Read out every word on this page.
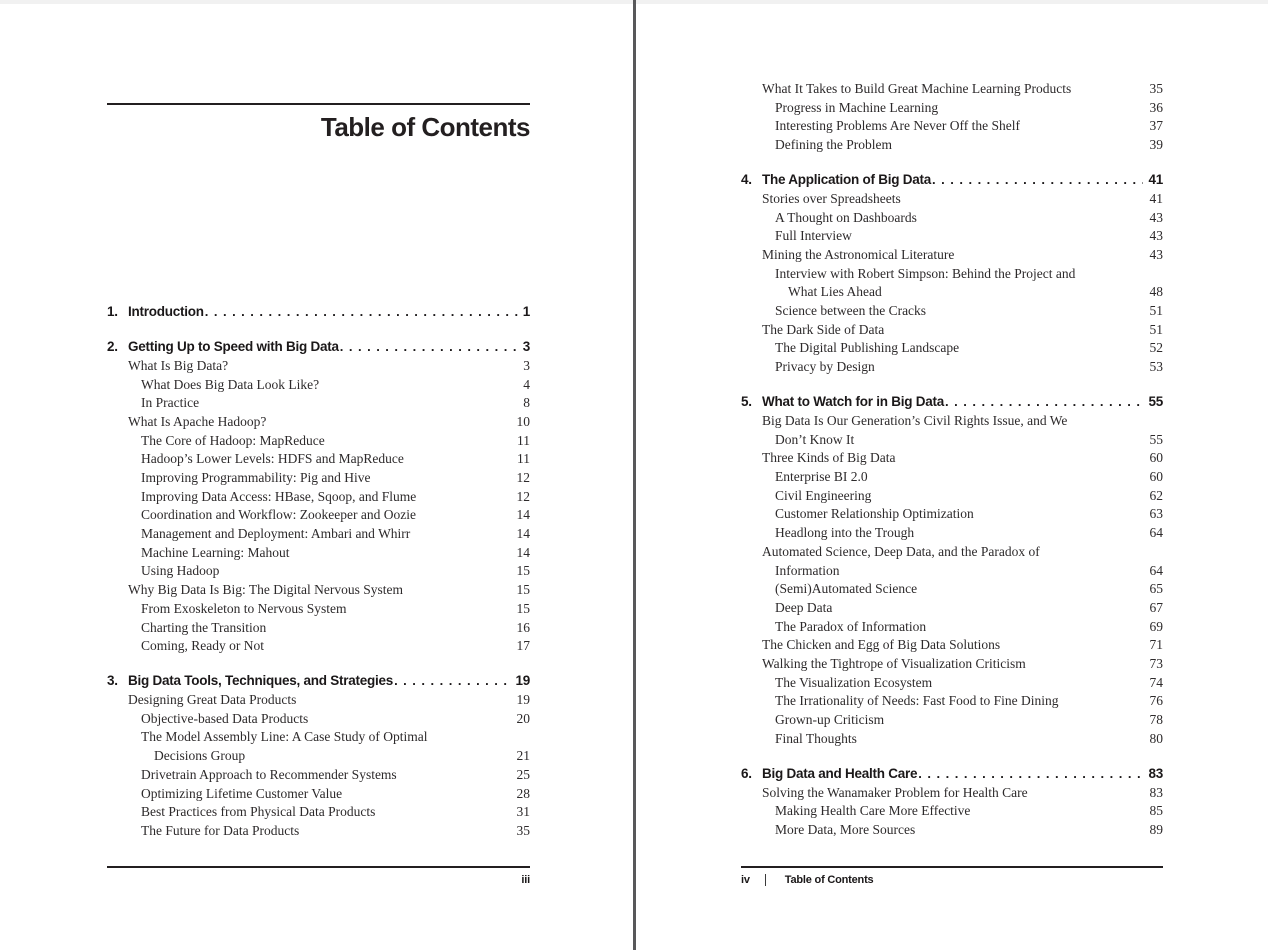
Table of Contents
1. Introduction .....	1
2. Getting Up to Speed with Big Data .....	3
What Is Big Data?	3
What Does Big Data Look Like?	4
In Practice	8
What Is Apache Hadoop?	10
The Core of Hadoop: MapReduce	11
Hadoop’s Lower Levels: HDFS and MapReduce	11
Improving Programmability: Pig and Hive	12
Improving Data Access: HBase, Sqoop, and Flume	12
Coordination and Workflow: Zookeeper and Oozie	14
Management and Deployment: Ambari and Whirr	14
Machine Learning: Mahout	14
Using Hadoop	15
Why Big Data Is Big: The Digital Nervous System	15
From Exoskeleton to Nervous System	15
Charting the Transition	16
Coming, Ready or Not	17
3. Big Data Tools, Techniques, and Strategies .....	19
Designing Great Data Products	19
Objective-based Data Products	20
The Model Assembly Line: A Case Study of Optimal
Decisions Group	21
Drivetrain Approach to Recommender Systems	25
Optimizing Lifetime Customer Value	28
Best Practices from Physical Data Products	31
The Future for Data Products	35
iii
What It Takes to Build Great Machine Learning Products	35
Progress in Machine Learning	36
Interesting Problems Are Never Off the Shelf	37
Defining the Problem	39
4. The Application of Big Data .....	41
Stories over Spreadsheets	41
A Thought on Dashboards	43
Full Interview	43
Mining the Astronomical Literature	43
Interview with Robert Simpson: Behind the Project and
What Lies Ahead	48
Science between the Cracks	51
The Dark Side of Data	51
The Digital Publishing Landscape	52
Privacy by Design	53
5. What to Watch for in Big Data .....	55
Big Data Is Our Generation’s Civil Rights Issue, and We
Don’t Know It	55
Three Kinds of Big Data	60
Enterprise BI 2.0	60
Civil Engineering	62
Customer Relationship Optimization	63
Headlong into the Trough	64
Automated Science, Deep Data, and the Paradox of
Information	64
(Semi)Automated Science	65
Deep Data	67
The Paradox of Information	69
The Chicken and Egg of Big Data Solutions	71
Walking the Tightrope of Visualization Criticism	73
The Visualization Ecosystem	74
The Irrationality of Needs: Fast Food to Fine Dining	76
Grown-up Criticism	78
Final Thoughts	80
6. Big Data and Health Care .....	83
Solving the Wanamaker Problem for Health Care	83
Making Health Care More Effective	85
More Data, More Sources	89
iv	Table of Contents
